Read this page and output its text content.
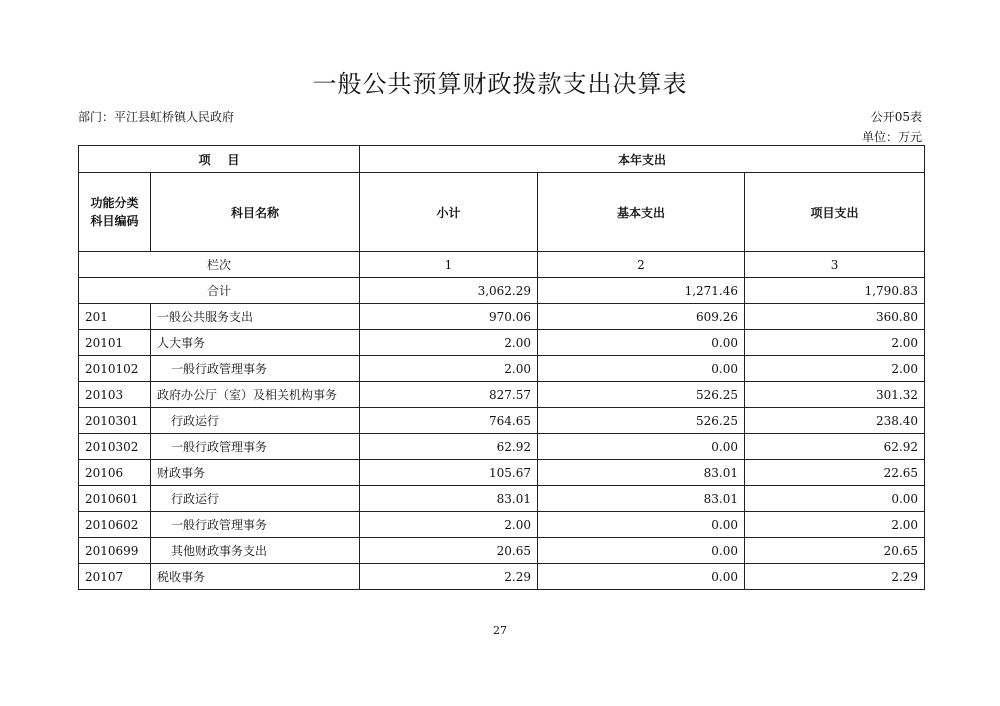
一般公共预算财政拨款支出决算表
部门：平江县虹桥镇人民政府	公开05表
单位：万元
项    目		本年支出		

功能分类
科目编码	科目名称	小计	基本支出	项目支出
栏次		1	2	3
合计		3,062.29	1,271.46	1,790.83
201	一般公共服务支出	970.06	609.26	360.80
20101	人大事务	2.00	0.00	2.00
2010102	一般行政管理事务	2.00	0.00	2.00
20103	政府办公厅（室）及相关机构事务	827.57	526.25	301.32
2010301	行政运行	764.65	526.25	238.40
2010302	一般行政管理事务	62.92	0.00	62.92
20106	财政事务	105.67	83.01	22.65
2010601	行政运行	83.01	83.01	0.00
2010602	一般行政管理事务	2.00	0.00	2.00
2010699	其他财政事务支出	20.65	0.00	20.65
20107	税收事务	2.29	0.00	2.29
27
